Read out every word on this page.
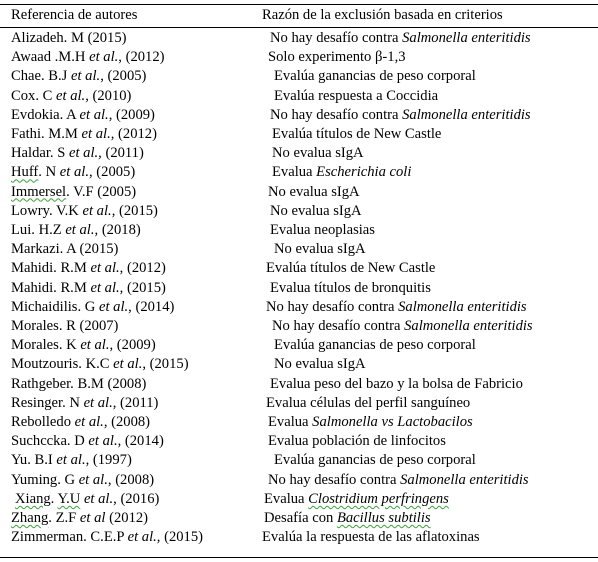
Referencia de autores	Razón de la exclusión basada en criterios
Alizadeh. M (2015)	No hay desafío contra Salmonella enteritidis
Awaad .M.H et al., (2012)	Solo experimento β-1,3
Chae. B.J et al., (2005)	Evalúa ganancias de peso corporal
Cox. C et al., (2010)	Evalúa respuesta a Coccidia
Evdokia. A et al., (2009)	No hay desafío contra Salmonella enteritidis
Fathi. M.M et al., (2012)	Evalúa títulos de New Castle
Haldar. S et al., (2011)	No evalua sIgA
Huff. N et al., (2005)	Evalua Escherichia coli
Immersel. V.F (2005)	No evalua sIgA
Lowry. V.K et al., (2015)	No evalua sIgA
Lui. H.Z et al., (2018)	Evalua neoplasias
Markazi. A (2015)	No evalua sIgA
Mahidi. R.M et al., (2012)	Evalúa títulos de New Castle
Mahidi. R.M et al., (2015)	Evalua títulos de bronquitis
Michaidilis. G et al., (2014)	No hay desafío contra Salmonella enteritidis
Morales. R (2007)	No hay desafío contra Salmonella enteritidis
Morales. K et al., (2009)	Evalúa ganancias de peso corporal
Moutzouris. K.C et al., (2015)	No evalua sIgA
Rathgeber. B.M (2008)	Evalua peso del bazo y la bolsa de Fabricio
Resinger. N et al., (2011)	Evalua células del perfil sanguíneo
Rebolledo et al., (2008)	Evalua Salmonella vs Lactobacilos
Suchccka. D et al., (2014)	Evalua población de linfocitos
Yu. B.I et al., (1997)	Evalúa ganancias de peso corporal
Yuming. G et al., (2008)	No hay desafío contra Salmonella enteritidis
Xiang. Y.U et al., (2016)	Evalua Clostridium perfringens
Zhang. Z.F et al (2012)	Desafía con Bacillus subtilis
Zimmerman. C.E.P et al., (2015)	Evalúa la respuesta de las aflatoxinas
